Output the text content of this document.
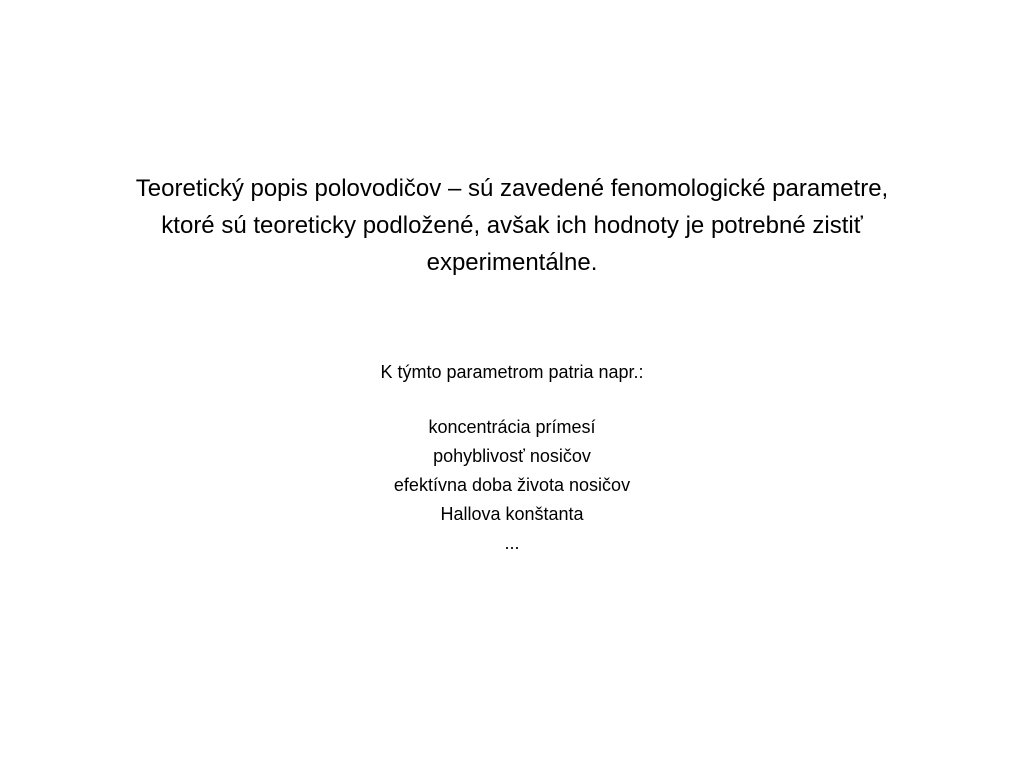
Teoretický popis polovodičov – sú zavedené fenomologické parametre,
ktoré sú teoreticky podložené, avšak ich hodnoty je potrebné zistiť
experimentálne.
K týmto parametrom patria napr.:
koncentrácia prímesí
pohyblivosť nosičov
efektívna doba života nosičov
Hallova konštanta
...
